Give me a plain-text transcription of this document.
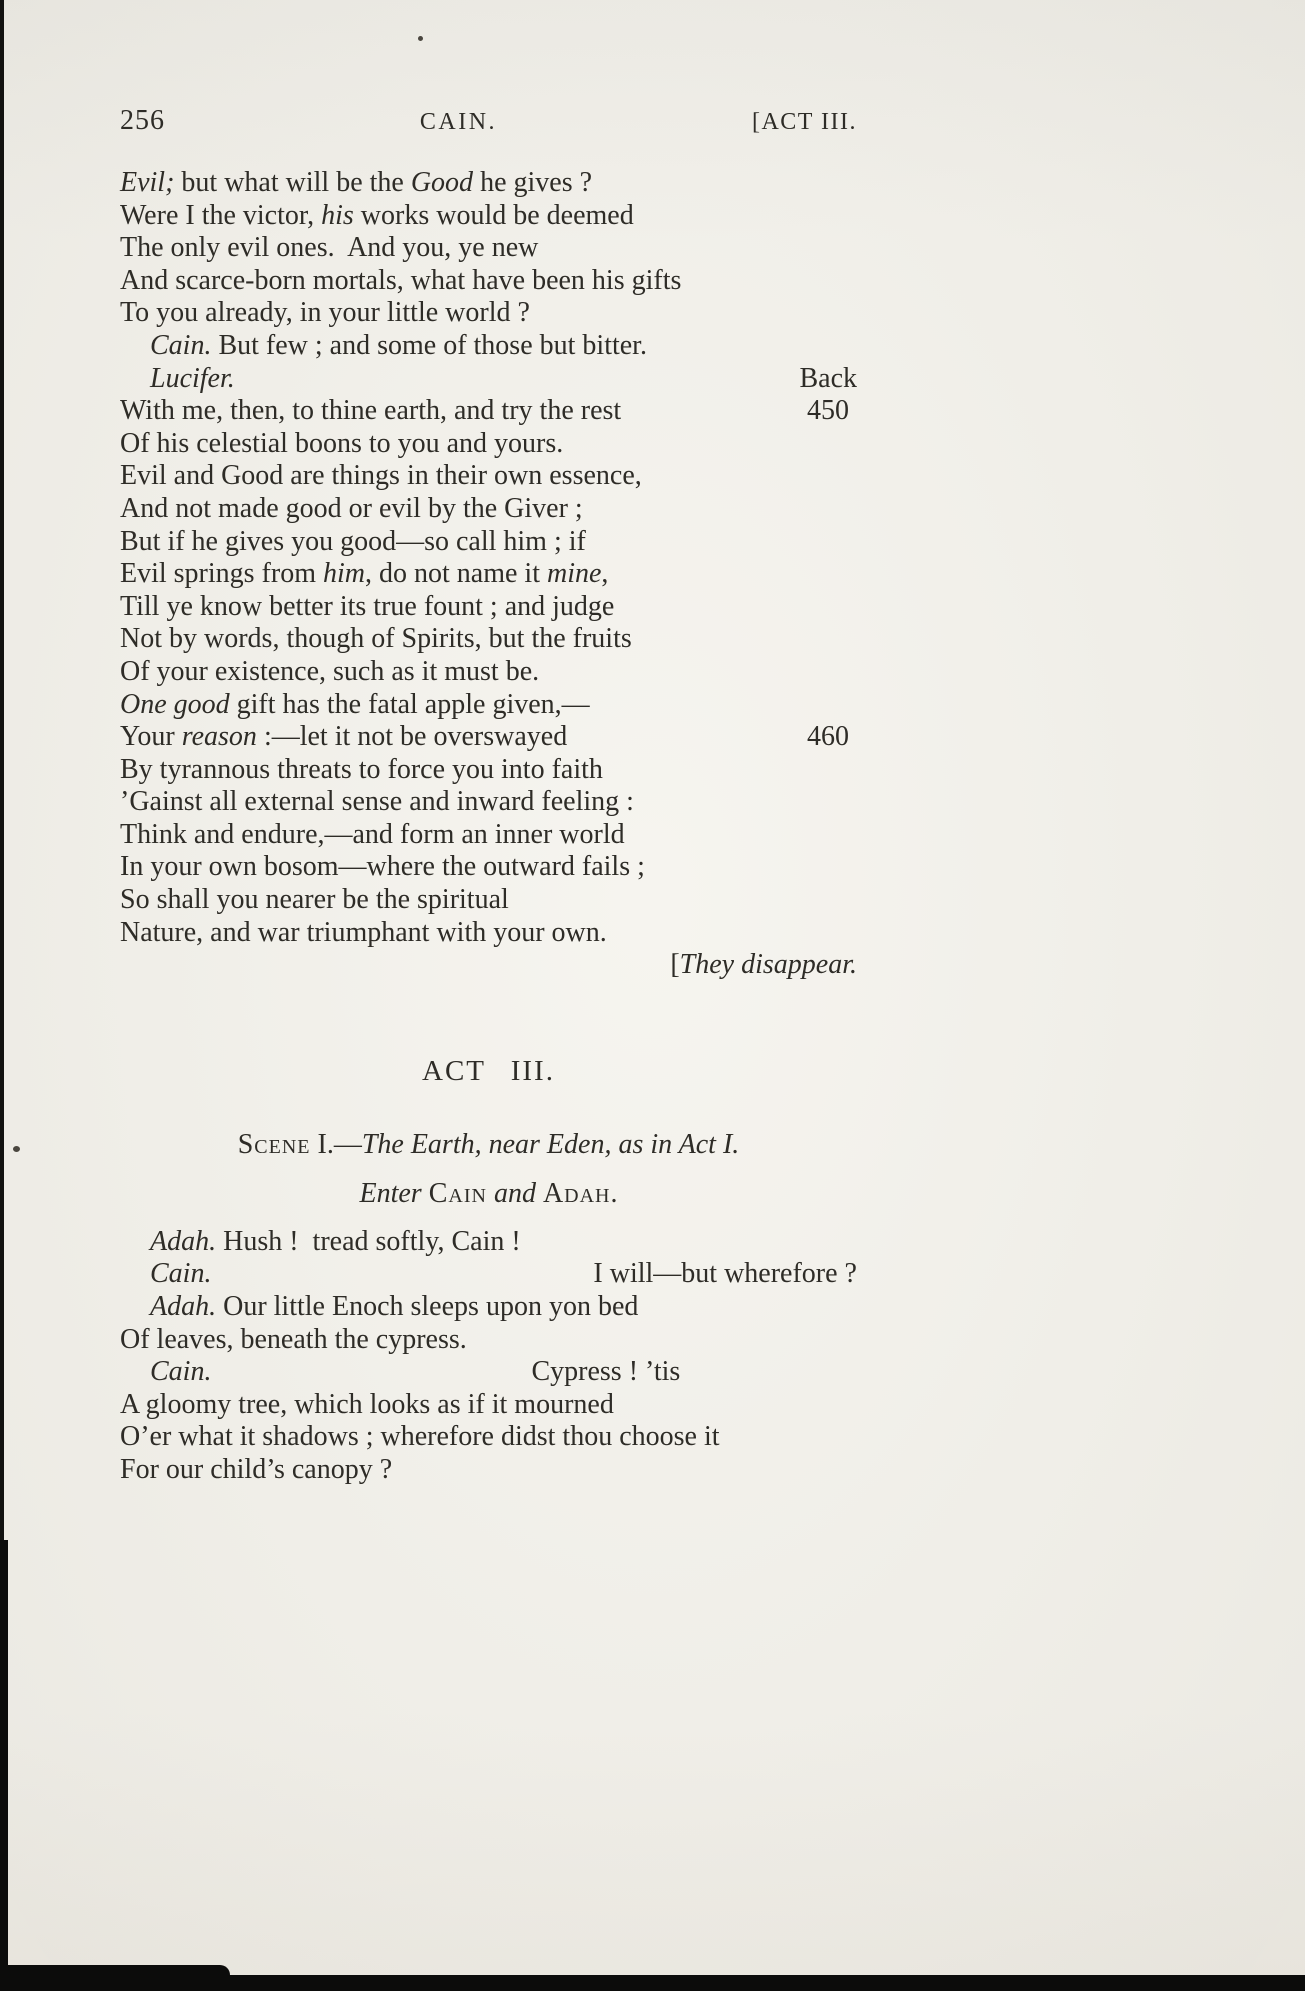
256	CAIN.	[ACT III.
Evil; but what will be the Good he gives ?
Were I the victor, his works would be deemed
The only evil ones.  And you, ye new
And scarce-born mortals, what have been his gifts
To you already, in your little world ?
Cain. But few ; and some of those but bitter.
Lucifer.	Back
With me, then, to thine earth, and try the rest	450
Of his celestial boons to you and yours.
Evil and Good are things in their own essence,
And not made good or evil by the Giver ;
But if he gives you good—so call him ; if
Evil springs from him, do not name it mine,
Till ye know better its true fount ; and judge
Not by words, though of Spirits, but the fruits
Of your existence, such as it must be.
One good gift has the fatal apple given,—
Your reason :—let it not be overswayed	460
By tyrannous threats to force you into faith
’Gainst all external sense and inward feeling :
Think and endure,—and form an inner world
In your own bosom—where the outward fails ;
So shall you nearer be the spiritual
Nature, and war triumphant with your own.
[They disappear.
ACT III.
Scene I.—The Earth, near Eden, as in Act I.
Enter Cain and Adah.
Adah. Hush !  tread softly, Cain !
Cain.	I will—but wherefore ?
Adah. Our little Enoch sleeps upon yon bed
Of leaves, beneath the cypress.
Cain.	Cypress ! ’tis
A gloomy tree, which looks as if it mourned
O’er what it shadows ; wherefore didst thou choose it
For our child’s canopy ?
